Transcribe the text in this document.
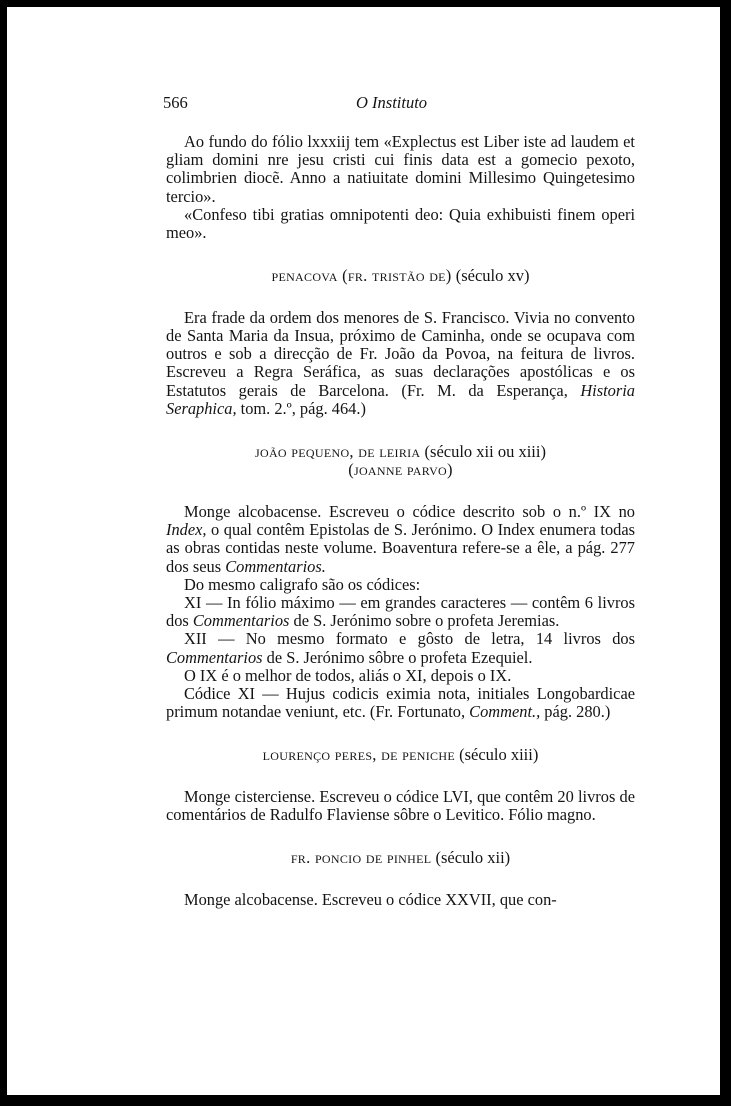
566	O Instituto

Ao fundo do fólio lxxxiij tem «Explectus est Liber iste ad laudem et gliam domini nre jesu cristi cui finis data est a gomecio pexoto, colimbrien diocẽ. Anno a natiuitate domini Millesimo Quingetesimo tercio».

«Confeso tibi gratias omnipotenti deo: Quia exhibuisti finem operi meo».

penacova (fr. tristão de) (século xv)

Era frade da ordem dos menores de S. Francisco. Vivia no convento de Santa Maria da Insua, próximo de Caminha, onde se ocupava com outros e sob a direcção de Fr. João da Povoa, na feitura de livros. Escreveu a Regra Seráfica, as suas declarações apostólicas e os Estatutos gerais de Barcelona. (Fr. M. da Esperança, Historia Seraphica, tom. 2.º, pág. 464.)

joão pequeno, de leiria (século xii ou xiii)
(joanne parvo)

Monge alcobacense. Escreveu o códice descrito sob o n.º IX no Index, o qual contêm Epistolas de S. Jerónimo. O Index enumera todas as obras contidas neste volume. Boaventura refere-se a êle, a pág. 277 dos seus Commentarios.

Do mesmo caligrafo são os códices:

XI — In fólio máximo — em grandes caracteres — contêm 6 livros dos Commentarios de S. Jerónimo sobre o profeta Jeremias.

XII — No mesmo formato e gôsto de letra, 14 livros dos Commentarios de S. Jerónimo sôbre o profeta Ezequiel.

O IX é o melhor de todos, aliás o XI, depois o IX.

Códice XI — Hujus codicis eximia nota, initiales Longobardicae primum notandae veniunt, etc. (Fr. Fortunato, Comment., pág. 280.)

lourenço peres, de peniche (século xiii)

Monge cisterciense. Escreveu o códice LVI, que contêm 20 livros de comentários de Radulfo Flaviense sôbre o Levitico. Fólio magno.

fr. poncio de pinhel (século xii)

Monge alcobacense. Escreveu o códice XXVII, que con-
